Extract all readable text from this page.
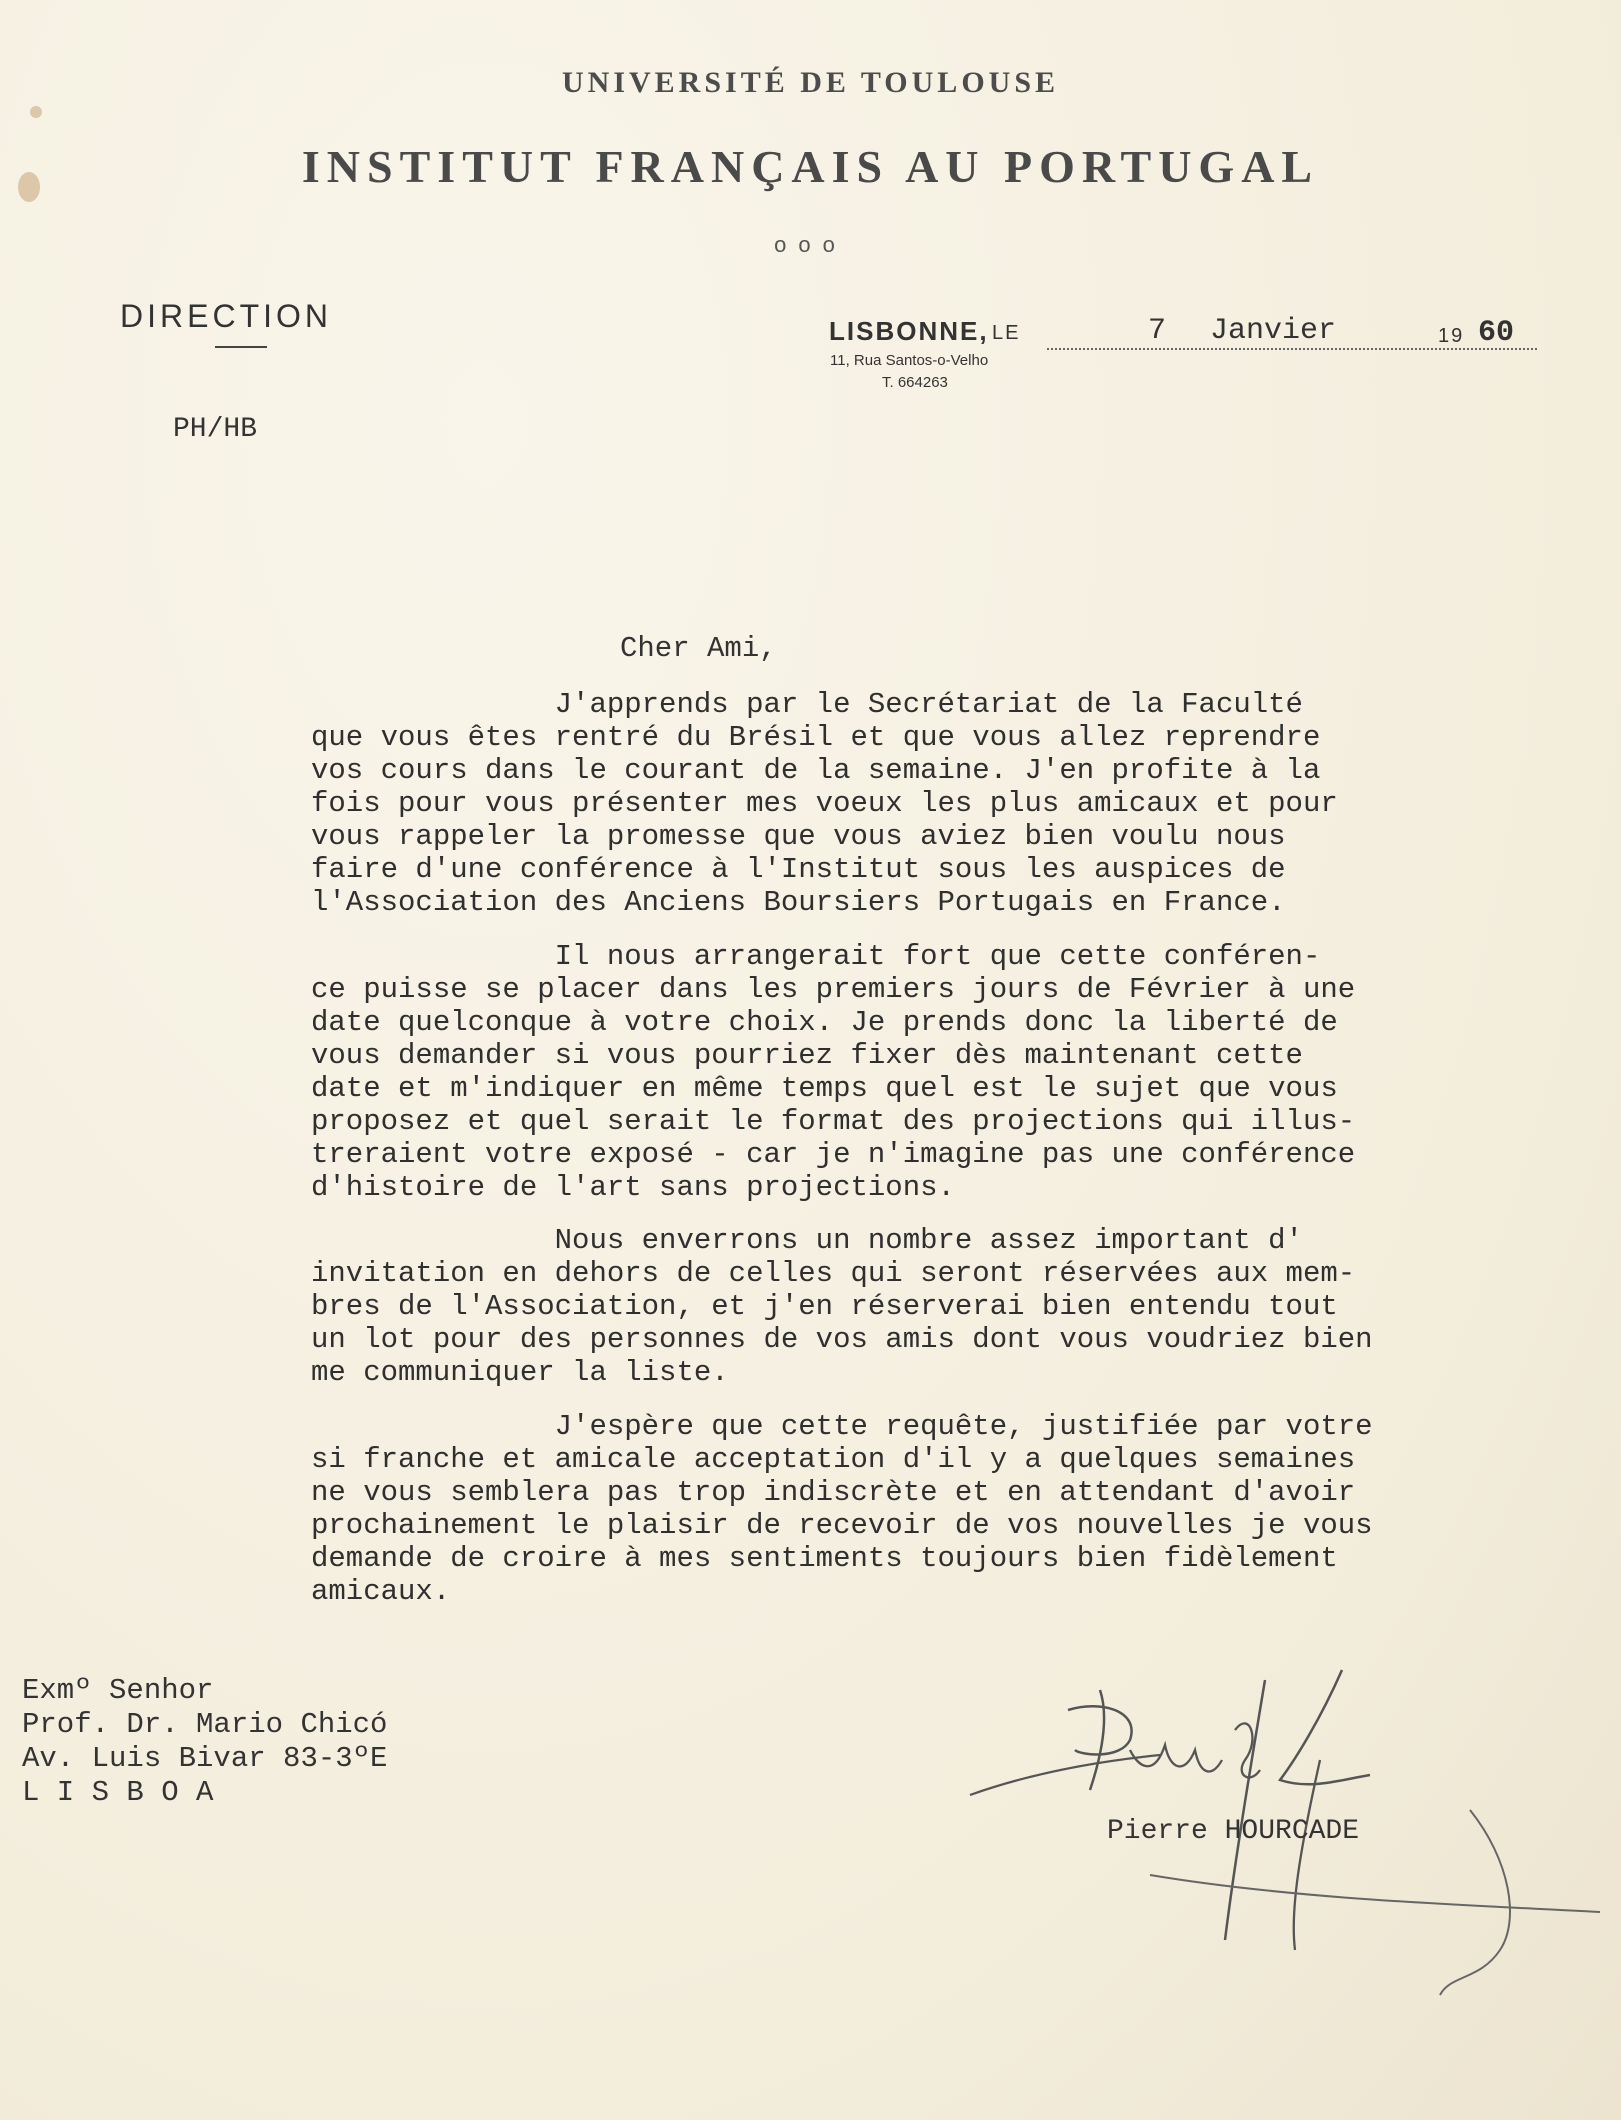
UNIVERSITÉ DE TOULOUSE
INSTITUT FRANÇAIS AU PORTUGAL
ooo
DIRECTION	LISBONNE, LE	7 Janvier	19 60
11, Rua Santos-o-Velho
T. 664263
PH/HB
Cher Ami,
J'apprends par le Secrétariat de la Faculté
que vous êtes rentré du Brésil et que vous allez reprendre
vos cours dans le courant de la semaine. J'en profite à la
fois pour vous présenter mes voeux les plus amicaux et pour
vous rappeler la promesse que vous aviez bien voulu nous
faire d'une conférence à l'Institut sous les auspices de
l'Association des Anciens Boursiers Portugais en France.
Il nous arrangerait fort que cette conféren-
ce puisse se placer dans les premiers jours de Février à une
date quelconque à votre choix. Je prends donc la liberté de
vous demander si vous pourriez fixer dès maintenant cette
date et m'indiquer en même temps quel est le sujet que vous
proposez et quel serait le format des projections qui illus-
treraient votre exposé - car je n'imagine pas une conférence
d'histoire de l'art sans projections.
Nous enverrons un nombre assez important d'
invitation en dehors de celles qui seront réservées aux mem-
bres de l'Association, et j'en réserverai bien entendu tout
un lot pour des personnes de vos amis dont vous voudriez bien
me communiquer la liste.
J'espère que cette requête, justifiée par votre
si franche et amicale acceptation d'il y a quelques semaines
ne vous semblera pas trop indiscrète et en attendant d'avoir
prochainement le plaisir de recevoir de vos nouvelles je vous
demande de croire à mes sentiments toujours bien fidèlement
amicaux.
Exmº Senhor
Prof. Dr. Mario Chicó
Av. Luis Bivar 83-3ºE
L I S B O A
Pierre HOURCADE
